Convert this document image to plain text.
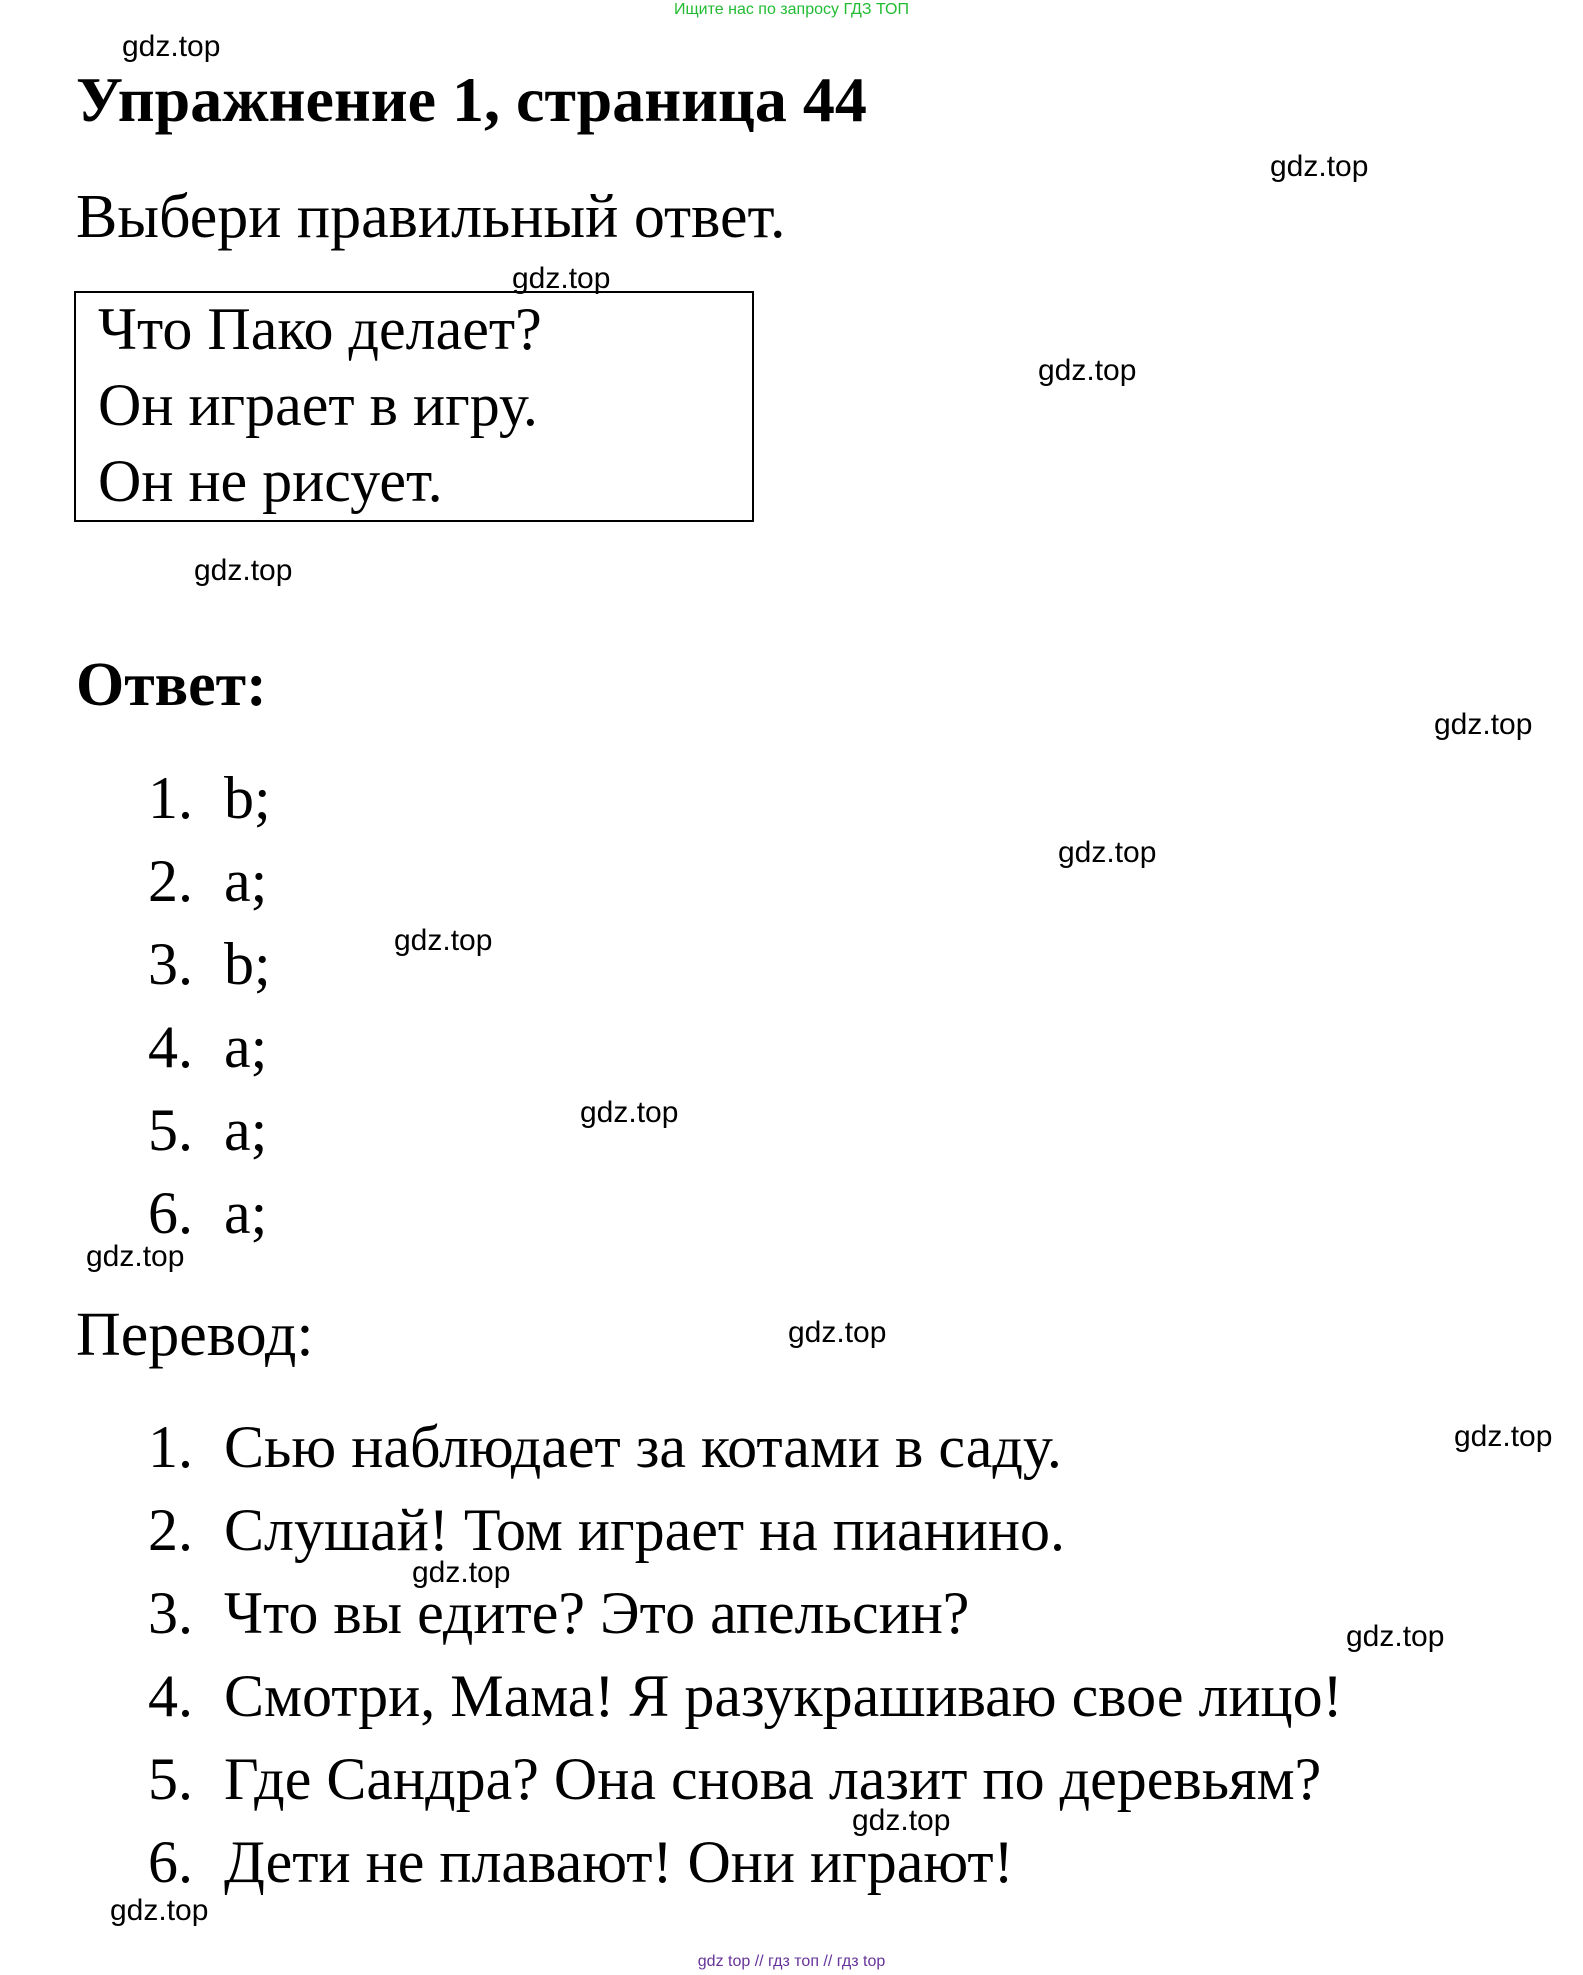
Ищите нас по запросу ГДЗ ТОП
Упражнение 1, страница 44
Выбери правильный ответ.
Что Пако делает?
Он играет в игру.
Он не рисует.
Ответ:
1. b;
2. a;
3. b;
4. a;
5. a;
6. a;
Перевод:
1. Сью наблюдает за котами в саду.
2. Слушай! Том играет на пианино.
3. Что вы едите? Это апельсин?
4. Смотри, Мама! Я разукрашиваю свое лицо!
5. Где Сандра? Она снова лазит по деревьям?
6. Дети не плавают! Они играют!
gdz.top
gdz.top
gdz.top
gdz.top
gdz.top
gdz.top
gdz.top
gdz.top
gdz.top
gdz.top
gdz.top
gdz.top
gdz.top
gdz.top
gdz.top
gdz.top
gdz top // гдз топ // гдз top
